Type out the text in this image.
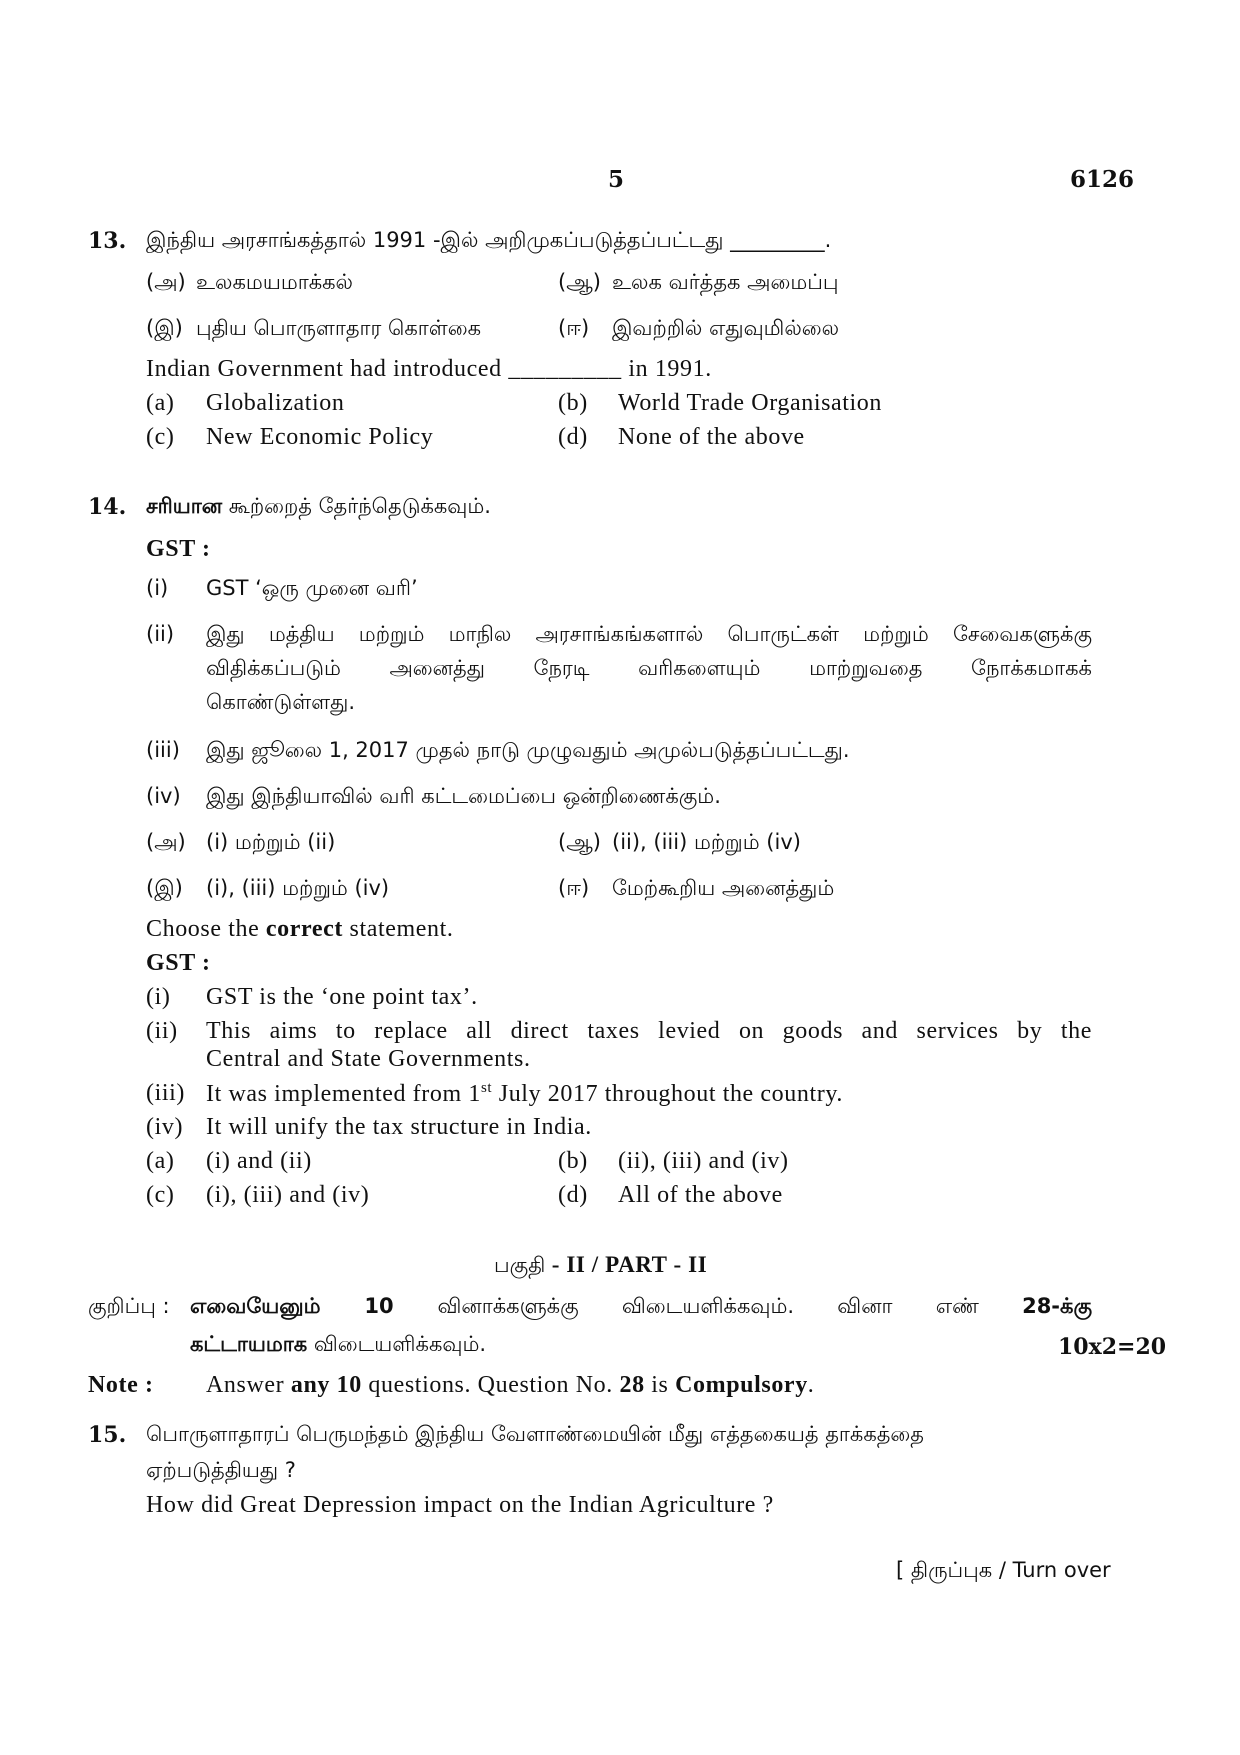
5	6126
13. இந்திய அரசாங்கத்தால் 1991 -இல் அறிமுகப்படுத்தப்பட்டது _________.
(அ) உலகமயமாக்கல்	(ஆ) உலக வர்த்தக அமைப்பு
(இ) புதிய பொருளாதார கொள்கை	(ஈ) இவற்றில் எதுவுமில்லை
Indian Government had introduced _________ in 1991.
(a) Globalization	(b) World Trade Organisation
(c) New Economic Policy	(d) None of the above
14. சரியான கூற்றைத் தேர்ந்தெடுக்கவும்.
GST :
(i) GST ‘ஒரு முனை வரி’
(ii) இது மத்திய மற்றும் மாநில அரசாங்கங்களால் பொருட்கள் மற்றும் சேவைகளுக்கு
விதிக்கப்படும் அனைத்து நேரடி வரிகளையும் மாற்றுவதை நோக்கமாகக்
கொண்டுள்ளது.
(iii) இது ஜூலை 1, 2017 முதல் நாடு முழுவதும் அமுல்படுத்தப்பட்டது.
(iv) இது இந்தியாவில் வரி கட்டமைப்பை ஒன்றிணைக்கும்.
(அ) (i) மற்றும் (ii)	(ஆ) (ii), (iii) மற்றும் (iv)
(இ) (i), (iii) மற்றும் (iv)	(ஈ) மேற்கூறிய அனைத்தும்
Choose the correct statement.
GST :
(i) GST is the ‘one point tax’.
(ii) This aims to replace all direct taxes levied on goods and services by the
Central and State Governments.
(iii) It was implemented from 1st July 2017 throughout the country.
(iv) It will unify the tax structure in India.
(a) (i) and (ii)	(b) (ii), (iii) and (iv)
(c) (i), (iii) and (iv)	(d) All of the above
பகுதி - II / PART - II
குறிப்பு : எவையேனும் 10 வினாக்களுக்கு விடையளிக்கவும். வினா எண் 28-க்கு
கட்டாயமாக விடையளிக்கவும்.	10x2=20
Note : Answer any 10 questions. Question No. 28 is Compulsory.
15. பொருளாதாரப் பெருமந்தம் இந்திய வேளாண்மையின் மீது எத்தகையத் தாக்கத்தை
ஏற்படுத்தியது ?
How did Great Depression impact on the Indian Agriculture ?
[ திருப்புக / Turn over
